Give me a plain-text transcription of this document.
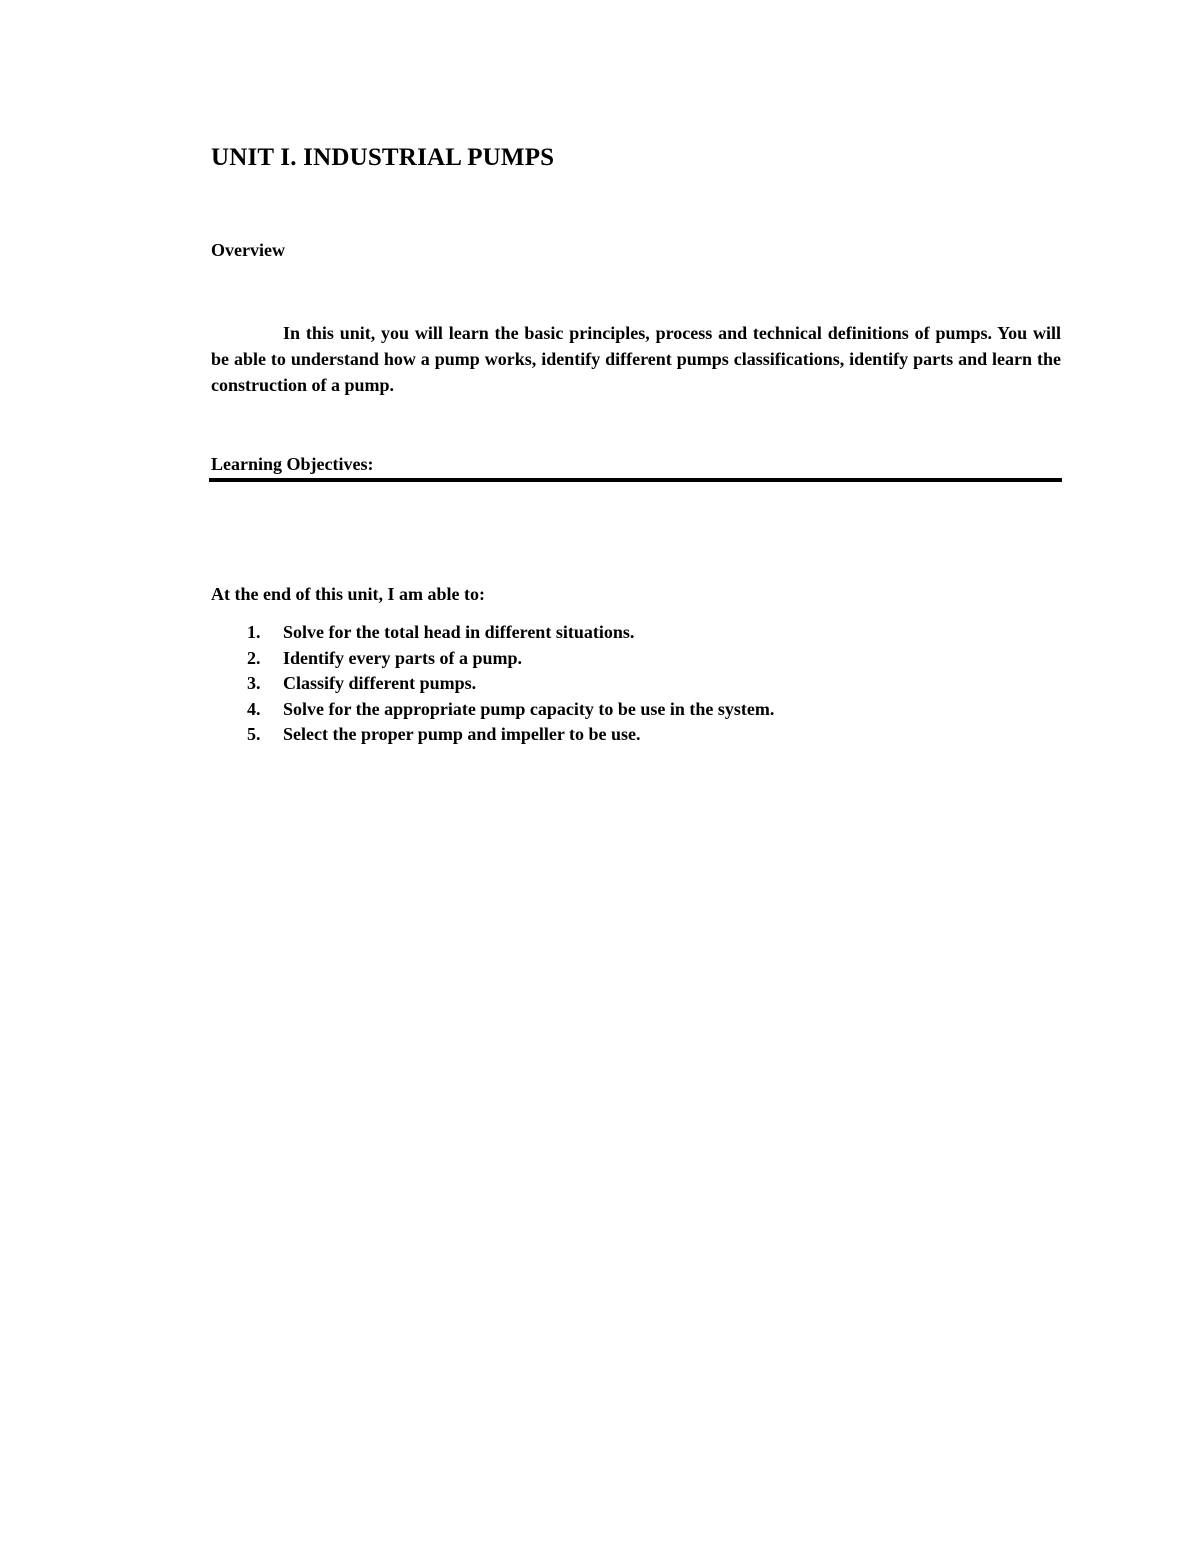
UNIT I. INDUSTRIAL PUMPS
Overview

In this unit, you will learn the basic principles, process and technical definitions of pumps. You will be able to understand how a pump works, identify different pumps classifications, identify parts and learn the construction of a pump.

Learning Objectives:
At the end of this unit, I am able to:
1. Solve for the total head in different situations.
2. Identify every parts of a pump.
3. Classify different pumps.
4. Solve for the appropriate pump capacity to be use in the system.
5. Select the proper pump and impeller to be use.
